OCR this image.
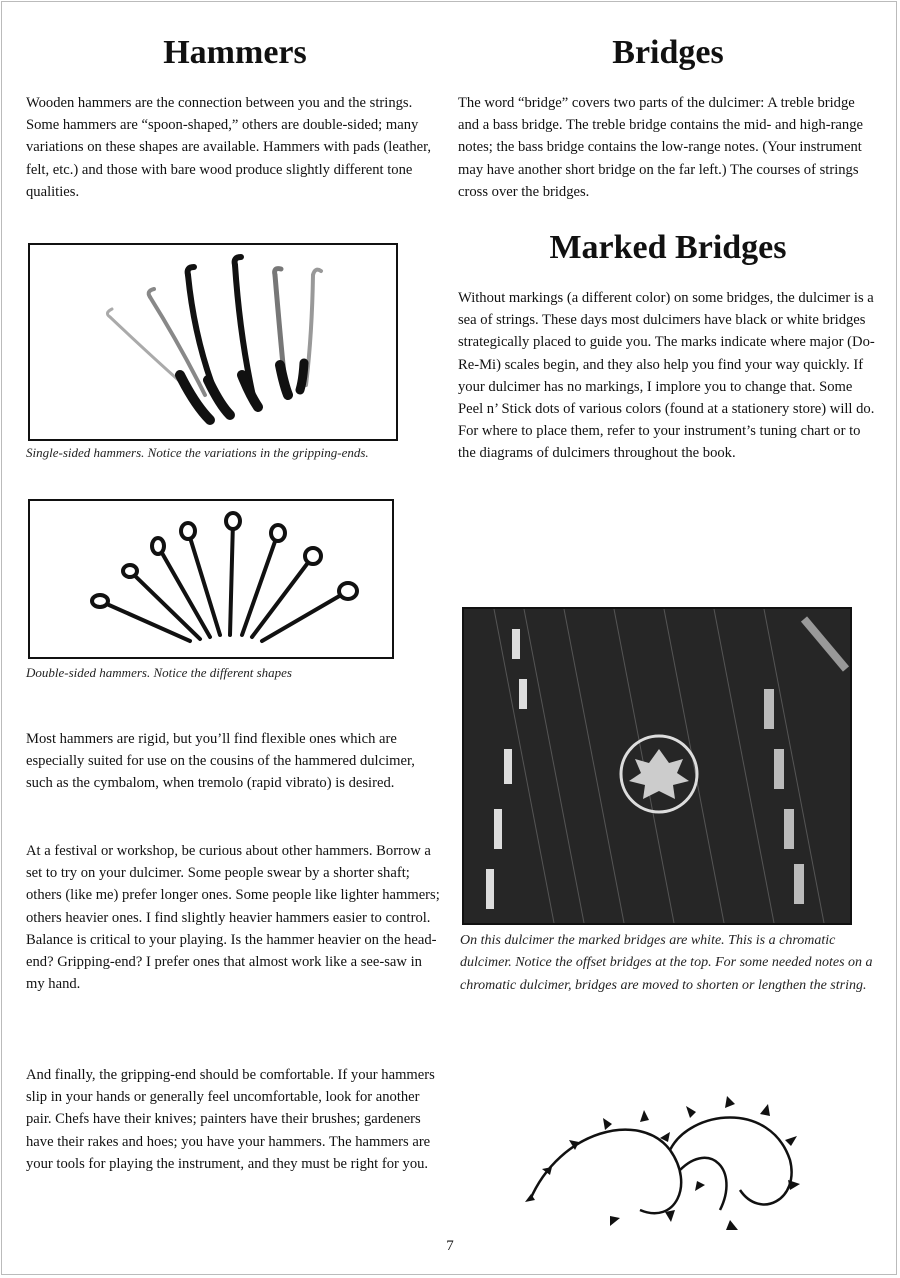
Hammers

Wooden hammers are the connection between you and the strings. Some hammers are “spoon-shaped,” others are double-sided; many variations on these shapes are available. Hammers with pads (leather, felt, etc.) and those with bare wood produce slightly different tone qualities.

Single-sided hammers. Notice the variations in the gripping-ends.
Double-sided hammers. Notice the different shapes

Most hammers are rigid, but you’ll find flexible ones which are especially suited for use on the cousins of the hammered dulcimer, such as the cymbalom, when tremolo (rapid vibrato) is desired.

At a festival or workshop, be curious about other hammers. Borrow a set to try on your dulcimer. Some people swear by a shorter shaft; others (like me) prefer longer ones. Some people like lighter hammers; others heavier ones. I find slightly heavier hammers easier to control. Balance is critical to your playing. Is the hammer heavier on the head-end? Gripping-end? I prefer ones that almost work like a see-saw in my hand.

And finally, the gripping-end should be comfortable. If your hammers slip in your hands or generally feel uncomfortable, look for another pair. Chefs have their knives; painters have their brushes; gardeners have their rakes and hoes; you have your hammers. The hammers are your tools for playing the instrument, and they must be right for you.

Bridges

The word “bridge” covers two parts of the dulcimer: A treble bridge and a bass bridge. The treble bridge contains the mid- and high-range notes; the bass bridge contains the low-range notes. (Your instrument may have another short bridge on the far left.) The courses of strings cross over the bridges.

Marked Bridges

Without markings (a different color) on some bridges, the dulcimer is a sea of strings. These days most dulcimers have black or white bridges strategically placed to guide you. The marks indicate where major (Do-Re-Mi) scales begin, and they also help you find your way quickly. If your dulcimer has no markings, I implore you to change that. Some Peel n’ Stick dots of various colors (found at a stationery store) will do. For where to place them, refer to your instrument’s tuning chart or to the diagrams of dulcimers throughout the book.

On this dulcimer the marked bridges are white. This is a chromatic dulcimer. Notice the offset bridges at the top. For some needed notes on a chromatic dulcimer, bridges are moved to shorten or lengthen the string.
7
